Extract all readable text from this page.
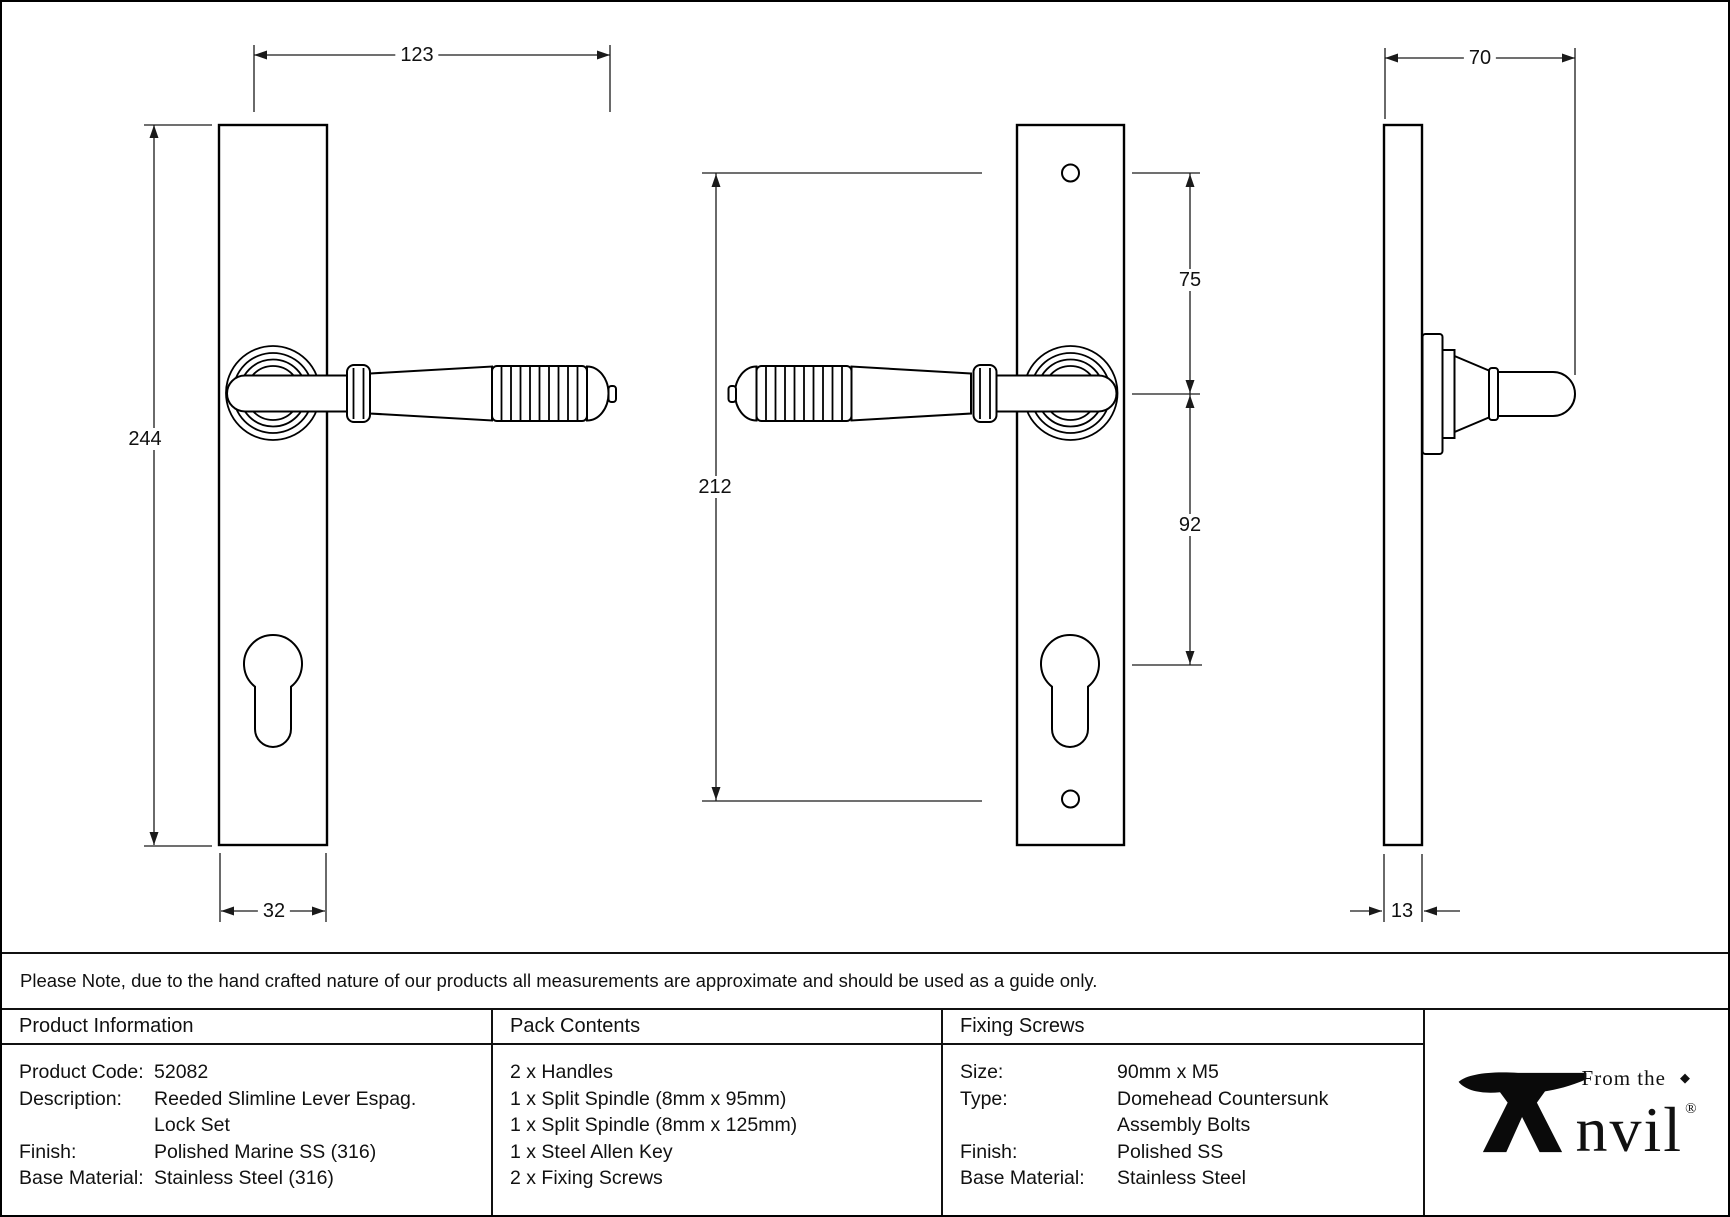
123
244
32
212
75
92
70
13
Please Note, due to the hand crafted nature of our products all measurements are approximate and should be used as a guide only.
Product Information
Product Code: 52082
Description:	Reeded Slimline Lever Espag.
Lock Set
Finish:	Polished Marine SS (316)
Base Material: Stainless Steel (316)
Pack Contents
2 x Handles
1 x Split Spindle (8mm x 95mm)
1 x Split Spindle (8mm x 125mm)
1 x Steel Allen Key
2 x Fixing Screws
Fixing Screws
Size:	90mm x M5
Type:	Domehead Countersunk
Assembly Bolts
Finish:	Polished SS
Base Material:	Stainless Steel
From the ◆
nvil ®
